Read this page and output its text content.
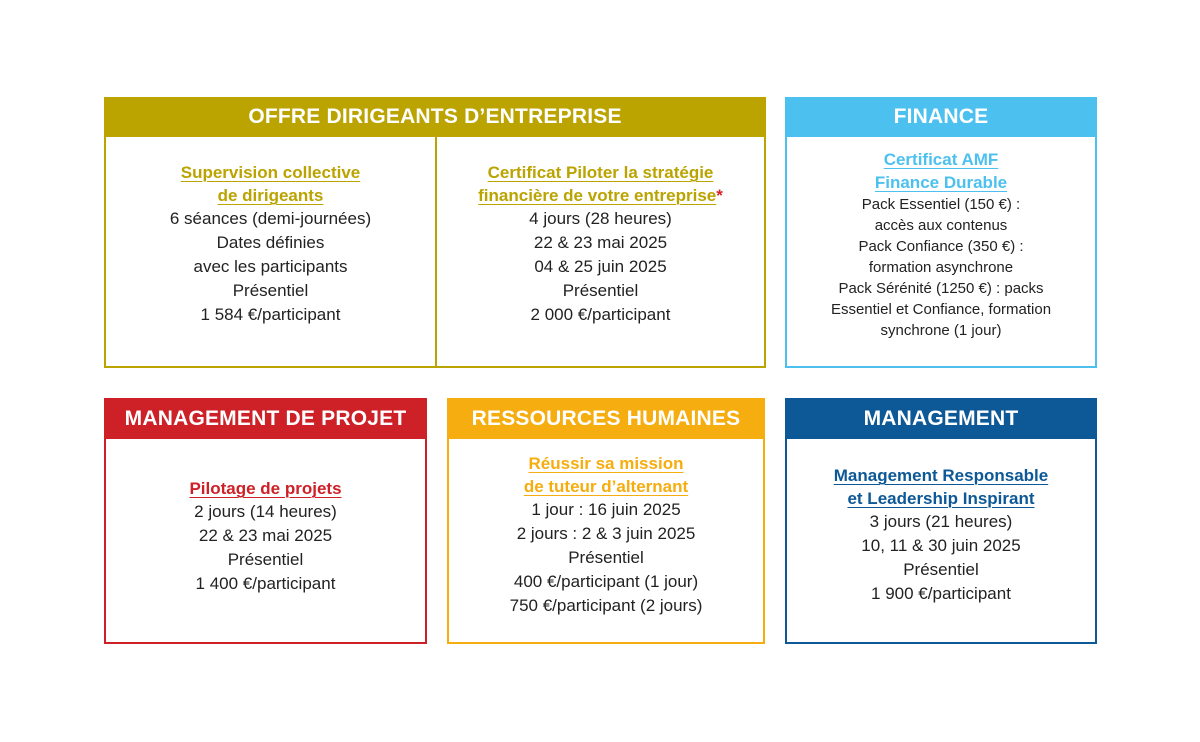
OFFRE DIRIGEANTS D’ENTREPRISE
Supervision collective
de dirigeants
6 séances (demi-journées)
Dates définies
avec les participants
Présentiel
1 584 €/participant
Certificat Piloter la stratégie
financière de votre entreprise*
4 jours (28 heures)
22 & 23 mai 2025
04 & 25 juin 2025
Présentiel
2 000 €/participant
FINANCE
Certificat AMF
Finance Durable
Pack Essentiel (150 €) :
accès aux contenus
Pack Confiance (350 €) :
formation asynchrone
Pack Sérénité (1250 €) : packs
Essentiel et Confiance, formation
synchrone (1 jour)
MANAGEMENT DE PROJET
Pilotage de projets
2 jours (14 heures)
22 & 23 mai 2025
Présentiel
1 400 €/participant
RESSOURCES HUMAINES
Réussir sa mission
de tuteur d’alternant
1 jour : 16 juin 2025
2 jours : 2 & 3 juin 2025
Présentiel
400 €/participant (1 jour)
750 €/participant (2 jours)
MANAGEMENT
Management Responsable
et Leadership Inspirant
3 jours (21 heures)
10, 11 & 30 juin 2025
Présentiel
1 900 €/participant
